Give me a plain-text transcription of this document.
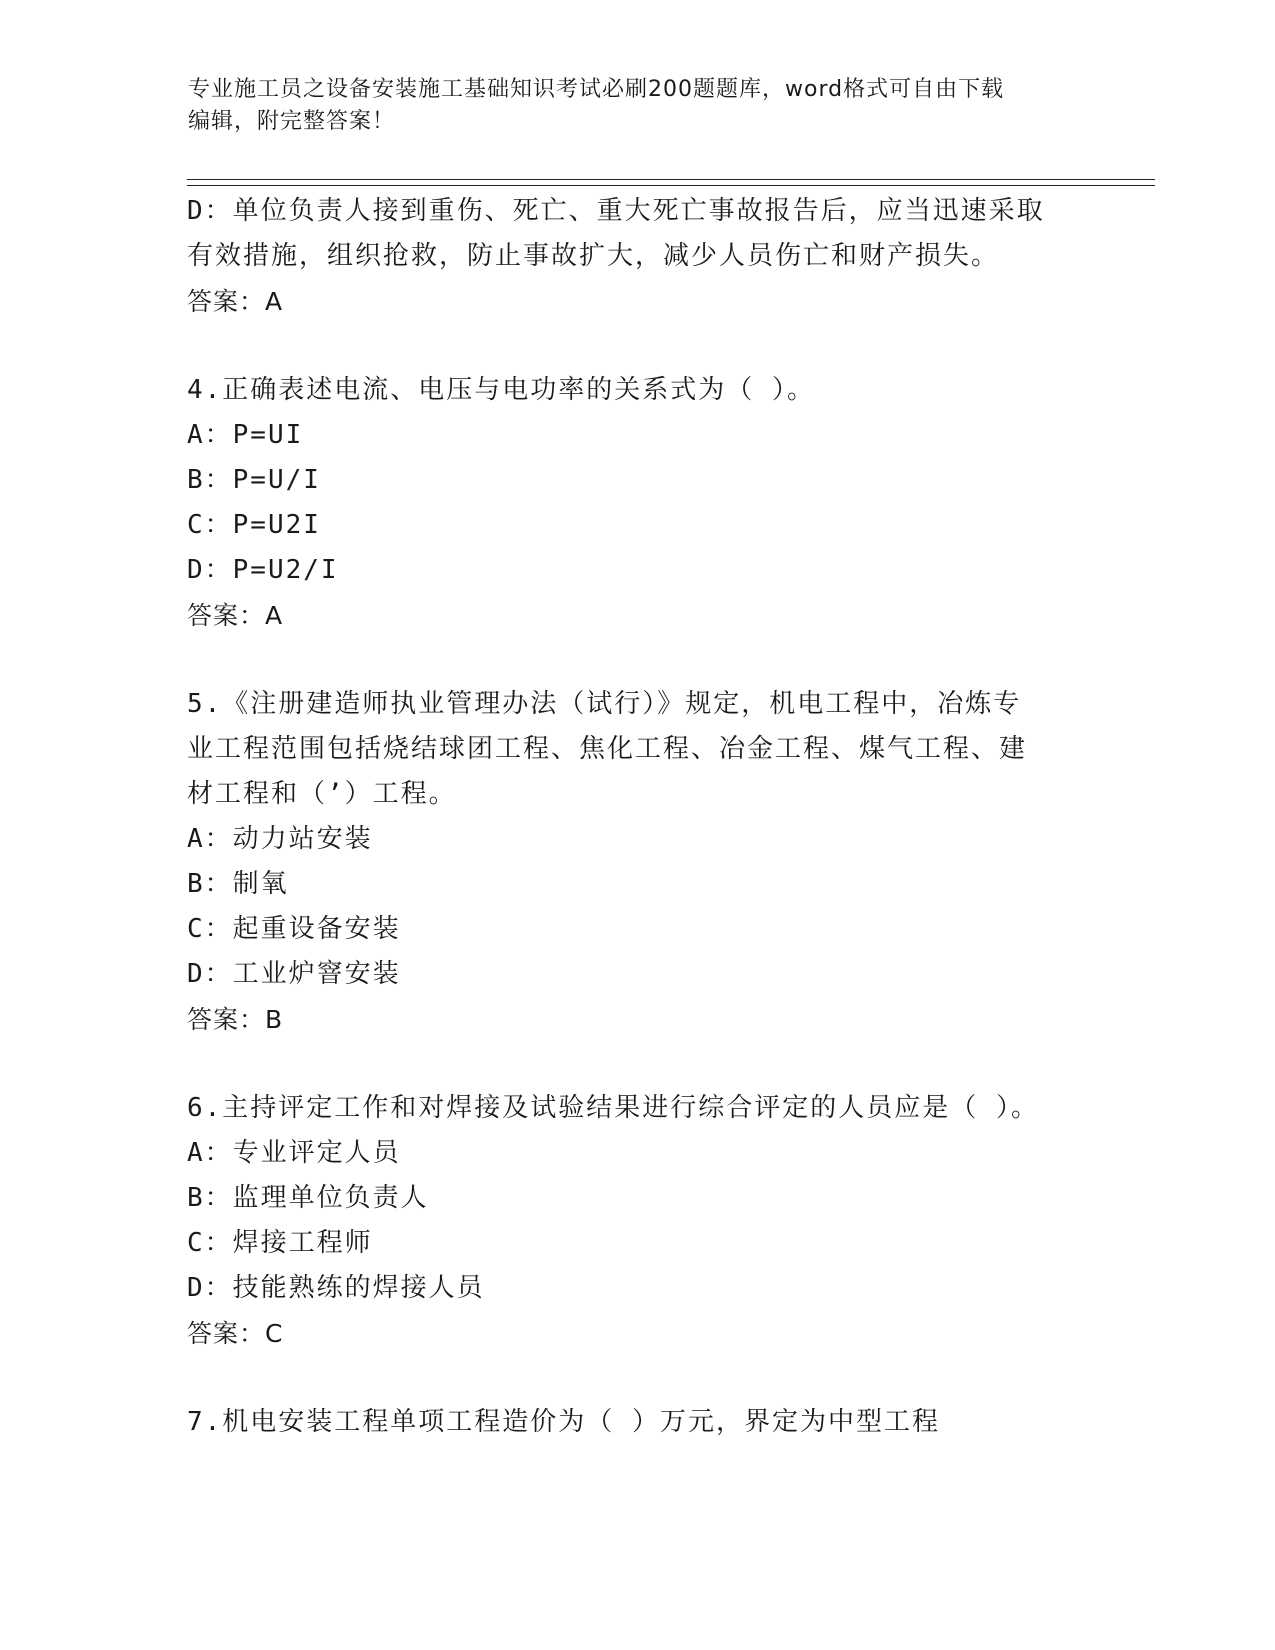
专业施工员之设备安装施工基础知识考试必刷200题题库，word格式可自由下载
编辑，附完整答案！
D：单位负责人接到重伤、死亡、重大死亡事故报告后，应当迅速采取
有效措施，组织抢救，防止事故扩大，减少人员伤亡和财产损失。
答案：A
4.正确表述电流、电压与电功率的关系式为（ ）。
A：P=UI
B：P=U/I
C：P=U2I
D：P=U2/I
答案：A
5.《注册建造师执业管理办法（试行）》规定，机电工程中，冶炼专
业工程范围包括烧结球团工程、焦化工程、冶金工程、煤气工程、建
材工程和（’）工程。
A：动力站安装
B：制氧
C：起重设备安装
D：工业炉窨安装
答案：B
6.主持评定工作和对焊接及试验结果进行综合评定的人员应是（ ）。
A：专业评定人员
B：监理单位负责人
C：焊接工程师
D：技能熟练的焊接人员
答案：C
7.机电安装工程单项工程造价为（ ）万元，界定为中型工程
